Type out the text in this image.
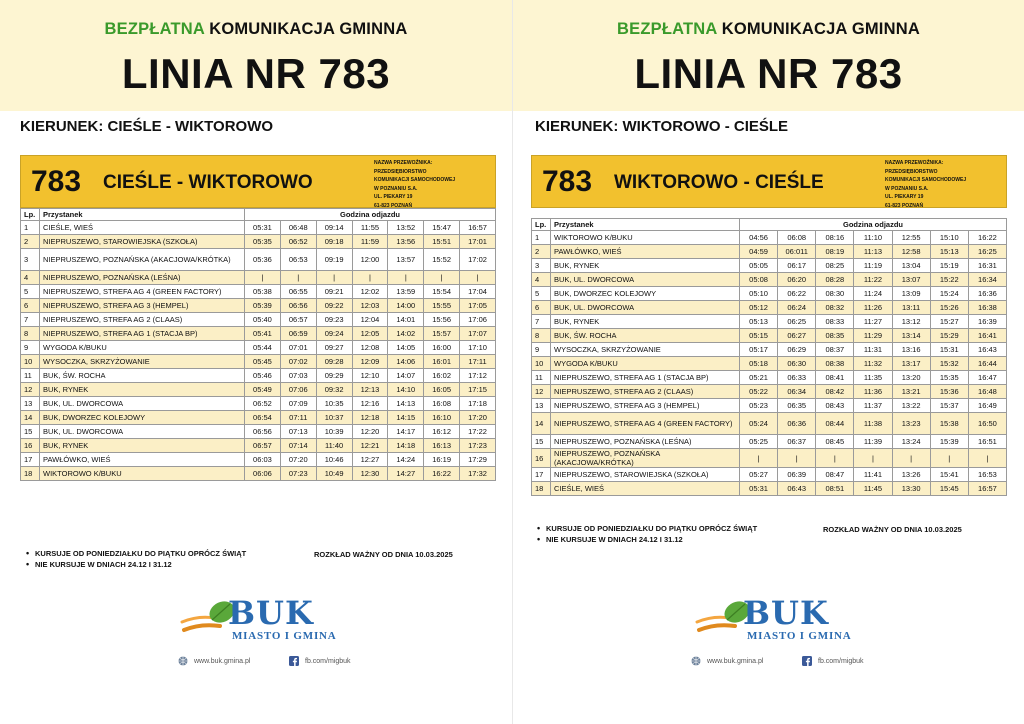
BEZPŁATNA KOMUNIKACJA GMINNA
LINIA NR 783
KIERUNEK: CIEŚLE - WIKTOROWO
783 CIEŚLE - WIKTOROWO
NAZWA PRZEWOŹNIKA:
PRZEDSIĘBIORSTWO
KOMUNIKACJI SAMOCHODOWEJ
W POZNANIU S.A.
UL. PIEKARY 19
61-823 POZNAŃ
Lp.	Przystanek	Godzina odjazdu						
1	CIEŚLE, WIEŚ	05:31	06:48	09:14	11:55	13:52	15:47	16:57
2	NIEPRUSZEWO, STAROWIEJSKA (SZKOŁA)	05:35	06:52	09:18	11:59	13:56	15:51	17:01
3	NIEPRUSZEWO, POZNAŃSKA (AKACJOWA/KRÓTKA)	05:36	06:53	09:19	12:00	13:57	15:52	17:02
4	NIEPRUSZEWO, POZNAŃSKA (LEŚNA)	|	|	|	|	|	|	|
5	NIEPRUSZEWO, STREFA AG 4 (GREEN FACTORY)	05:38	06:55	09:21	12:02	13:59	15:54	17:04
6	NIEPRUSZEWO, STREFA AG 3 (HEMPEL)	05:39	06:56	09:22	12:03	14:00	15:55	17:05
7	NIEPRUSZEWO, STREFA AG 2 (CLAAS)	05:40	06:57	09:23	12:04	14:01	15:56	17:06
8	NIEPRUSZEWO, STREFA AG 1 (STACJA BP)	05:41	06:59	09:24	12:05	14:02	15:57	17:07
9	WYGODA K/BUKU	05:44	07:01	09:27	12:08	14:05	16:00	17:10
10	WYSOCZKA, SKRZYŻOWANIE	05:45	07:02	09:28	12:09	14:06	16:01	17:11
11	BUK, ŚW. ROCHA	05:46	07:03	09:29	12:10	14:07	16:02	17:12
12	BUK, RYNEK	05:49	07:06	09:32	12:13	14:10	16:05	17:15
13	BUK, UL. DWORCOWA	06:52	07:09	10:35	12:16	14:13	16:08	17:18
14	BUK, DWORZEC KOLEJOWY	06:54	07:11	10:37	12:18	14:15	16:10	17:20
15	BUK, UL. DWORCOWA	06:56	07:13	10:39	12:20	14:17	16:12	17:22
16	BUK, RYNEK	06:57	07:14	11:40	12:21	14:18	16:13	17:23
17	PAWŁÓWKO, WIEŚ	06:03	07:20	10:46	12:27	14:24	16:19	17:29
18	WIKTOROWO K/BUKU	06:06	07:23	10:49	12:30	14:27	16:22	17:32
• KURSUJE OD PONIEDZIAŁKU DO PIĄTKU OPRÓCZ ŚWIĄT
• NIE KURSUJE W DNIACH 24.12 I 31.12
ROZKŁAD WAŻNY OD DNIA 10.03.2025
BUK
MIASTO I GMINA
www.buk.gmina.pl	fb.com/migbuk
BEZPŁATNA KOMUNIKACJA GMINNA
LINIA NR 783
KIERUNEK: WIKTOROWO - CIEŚLE
783 WIKTOROWO - CIEŚLE
NAZWA PRZEWOŹNIKA:
PRZEDSIĘBIORSTWO
KOMUNIKACJI SAMOCHODOWEJ
W POZNANIU S.A.
UL. PIEKARY 19
61-823 POZNAŃ
Lp.	Przystanek	Godzina odjazdu						
1	WIKTOROWO K/BUKU	04:56	06:08	08:16	11:10	12:55	15:10	16:22
2	PAWŁÓWKO, WIEŚ	04:59	06:011	08:19	11:13	12:58	15:13	16:25
3	BUK, RYNEK	05:05	06:17	08:25	11:19	13:04	15:19	16:31
4	BUK, UL. DWORCOWA	05:08	06:20	08:28	11:22	13:07	15:22	16:34
5	BUK, DWORZEC KOLEJOWY	05:10	06:22	08:30	11:24	13:09	15:24	16:36
6	BUK, UL. DWORCOWA	05:12	06:24	08:32	11:26	13:11	15:26	16:38
7	BUK, RYNEK	05:13	06:25	08:33	11:27	13:12	15:27	16:39
8	BUK, ŚW. ROCHA	05:15	06:27	08:35	11:29	13:14	15:29	16:41
9	WYSOCZKA, SKRZYŻOWANIE	05:17	06:29	08:37	11:31	13:16	15:31	16:43
10	WYGODA K/BUKU	05:18	06:30	08:38	11:32	13:17	15:32	16:44
11	NIEPRUSZEWO, STREFA AG 1 (STACJA BP)	05:21	06:33	08:41	11:35	13:20	15:35	16:47
12	NIEPRUSZEWO, STREFA AG 2 (CLAAS)	05:22	06:34	08:42	11:36	13:21	15:36	16:48
13	NIEPRUSZEWO, STREFA AG 3 (HEMPEL)	05:23	06:35	08:43	11:37	13:22	15:37	16:49
14	NIEPRUSZEWO, STREFA AG 4 (GREEN FACTORY)	05:24	06:36	08:44	11:38	13:23	15:38	16:50
15	NIEPRUSZEWO, POZNAŃSKA (LEŚNA)	05:25	06:37	08:45	11:39	13:24	15:39	16:51
16	NIEPRUSZEWO, POZNAŃSKA (AKACJOWA/KRÓTKA)	|	|	|	|	|	|	|
17	NIEPRUSZEWO, STAROWIEJSKA (SZKOŁA)	05:27	06:39	08:47	11:41	13:26	15:41	16:53
18	CIEŚLE, WIEŚ	05:31	06:43	08:51	11:45	13:30	15:45	16:57
• KURSUJE OD PONIEDZIAŁKU DO PIĄTKU OPRÓCZ ŚWIĄT
• NIE KURSUJE W DNIACH 24.12 I 31.12
ROZKŁAD WAŻNY OD DNIA 10.03.2025
BUK
MIASTO I GMINA
www.buk.gmina.pl	fb.com/migbuk
